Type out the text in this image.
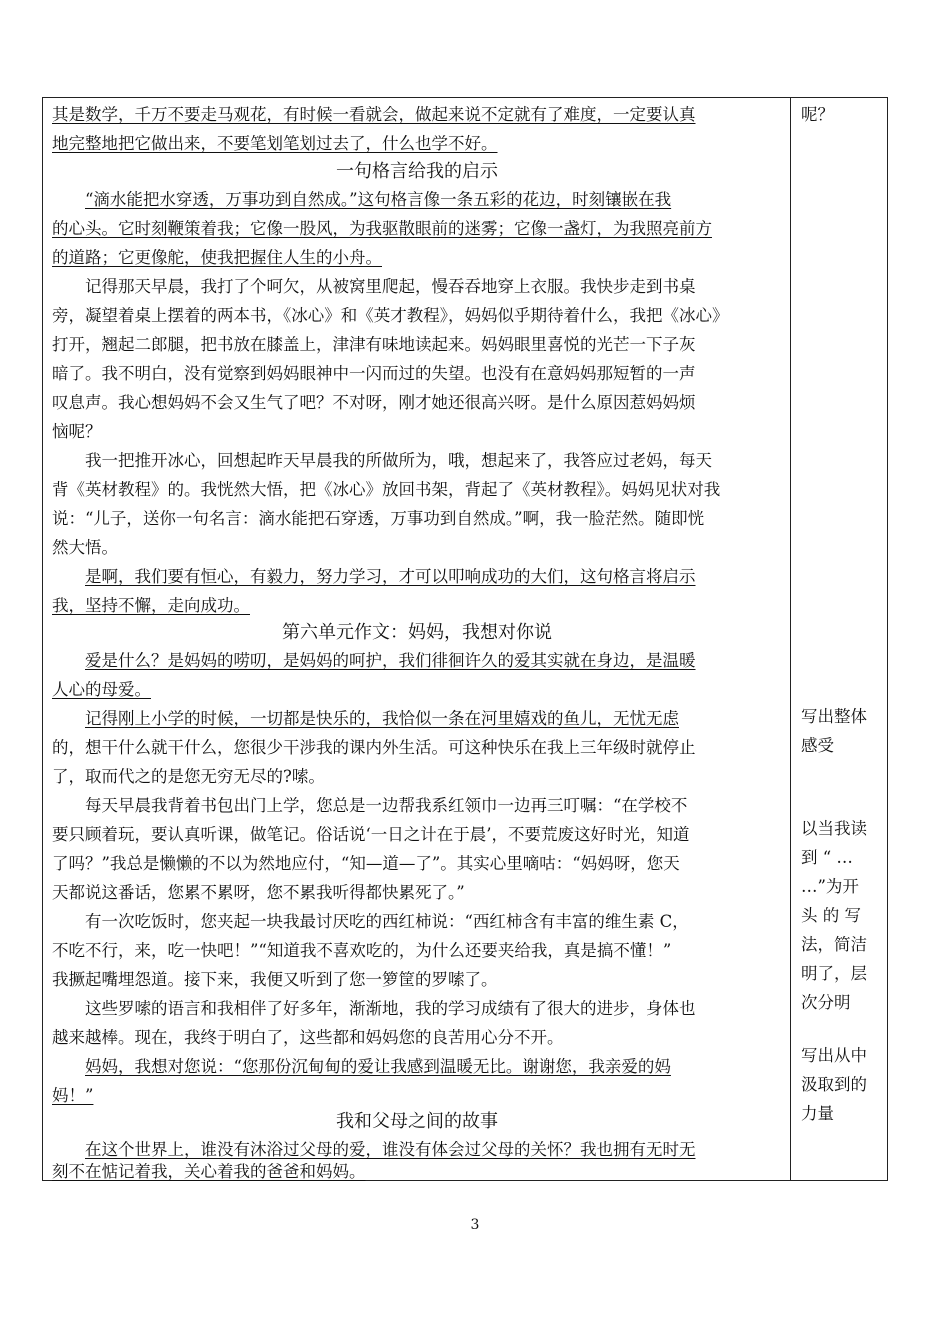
其是数学，千万不要走马观花，有时候一看就会，做起来说不定就有了难度，一定要认真
地完整地把它做出来，不要笔划笔划过去了，什么也学不好。
一句格言给我的启示
“滴水能把水穿透，万事功到自然成。”这句格言像一条五彩的花边，时刻镶嵌在我
的心头。它时刻鞭策着我；它像一股风，为我驱散眼前的迷雾；它像一盏灯，为我照亮前方
的道路；它更像舵，使我把握住人生的小舟。
记得那天早晨，我打了个呵欠，从被窝里爬起，慢吞吞地穿上衣服。我快步走到书桌
旁，凝望着桌上摆着的两本书，《冰心》和《英才教程》，妈妈似乎期待着什么，我把《冰心》
打开，翘起二郎腿，把书放在膝盖上，津津有味地读起来。妈妈眼里喜悦的光芒一下子灰
暗了。我不明白，没有觉察到妈妈眼神中一闪而过的失望。也没有在意妈妈那短暂的一声
叹息声。我心想妈妈不会又生气了吧？不对呀，刚才她还很高兴呀。是什么原因惹妈妈烦
恼呢？
我一把推开冰心，回想起昨天早晨我的所做所为，哦，想起来了，我答应过老妈，每天
背《英材教程》的。我恍然大悟，把《冰心》放回书架，背起了《英材教程》。妈妈见状对我
说：“儿子，送你一句名言：滴水能把石穿透，万事功到自然成。”啊，我一脸茫然。随即恍
然大悟。
是啊，我们要有恒心，有毅力，努力学习，才可以叩响成功的大们，这句格言将启示
我，坚持不懈，走向成功。
第六单元作文：妈妈，我想对你说
爱是什么？是妈妈的唠叨，是妈妈的呵护，我们徘徊许久的爱其实就在身边，是温暖
人心的母爱。
记得刚上小学的时候，一切都是快乐的，我恰似一条在河里嬉戏的鱼儿，无忧无虑
的，想干什么就干什么，您很少干涉我的课内外生活。可这种快乐在我上三年级时就停止
了，取而代之的是您无穷无尽的?嗦。
每天早晨我背着书包出门上学，您总是一边帮我系红领巾一边再三叮嘱：“在学校不
要只顾着玩，要认真听课，做笔记。俗话说‘一日之计在于晨’，不要荒废这好时光，知道
了吗？”我总是懒懒的不以为然地应付，“知—道—了”。其实心里嘀咕：“妈妈呀，您天
天都说这番话，您累不累呀，您不累我听得都快累死了。”
有一次吃饭时，您夹起一块我最讨厌吃的西红柿说：“西红柿含有丰富的维生素 C，
不吃不行，来，吃一快吧！”“知道我不喜欢吃的，为什么还要夹给我，真是搞不懂！”
我撅起嘴埋怨道。接下来，我便又听到了您一箩筐的罗嗦了。
这些罗嗦的语言和我相伴了好多年，渐渐地，我的学习成绩有了很大的进步，身体也
越来越棒。现在，我终于明白了，这些都和妈妈您的良苦用心分不开。
妈妈，我想对您说：“您那份沉甸甸的爱让我感到温暖无比。谢谢您，我亲爱的妈
妈！”
我和父母之间的故事
在这个世界上，谁没有沐浴过父母的爱，谁没有体会过父母的关怀？我也拥有无时无
刻不在惦记着我，关心着我的爸爸和妈妈。
呢？
写出整体
感受
以当我读
到 “ …
…”为开
头 的 写
法，简洁
明了，层
次分明
写出从中
汲取到的
力量
3
